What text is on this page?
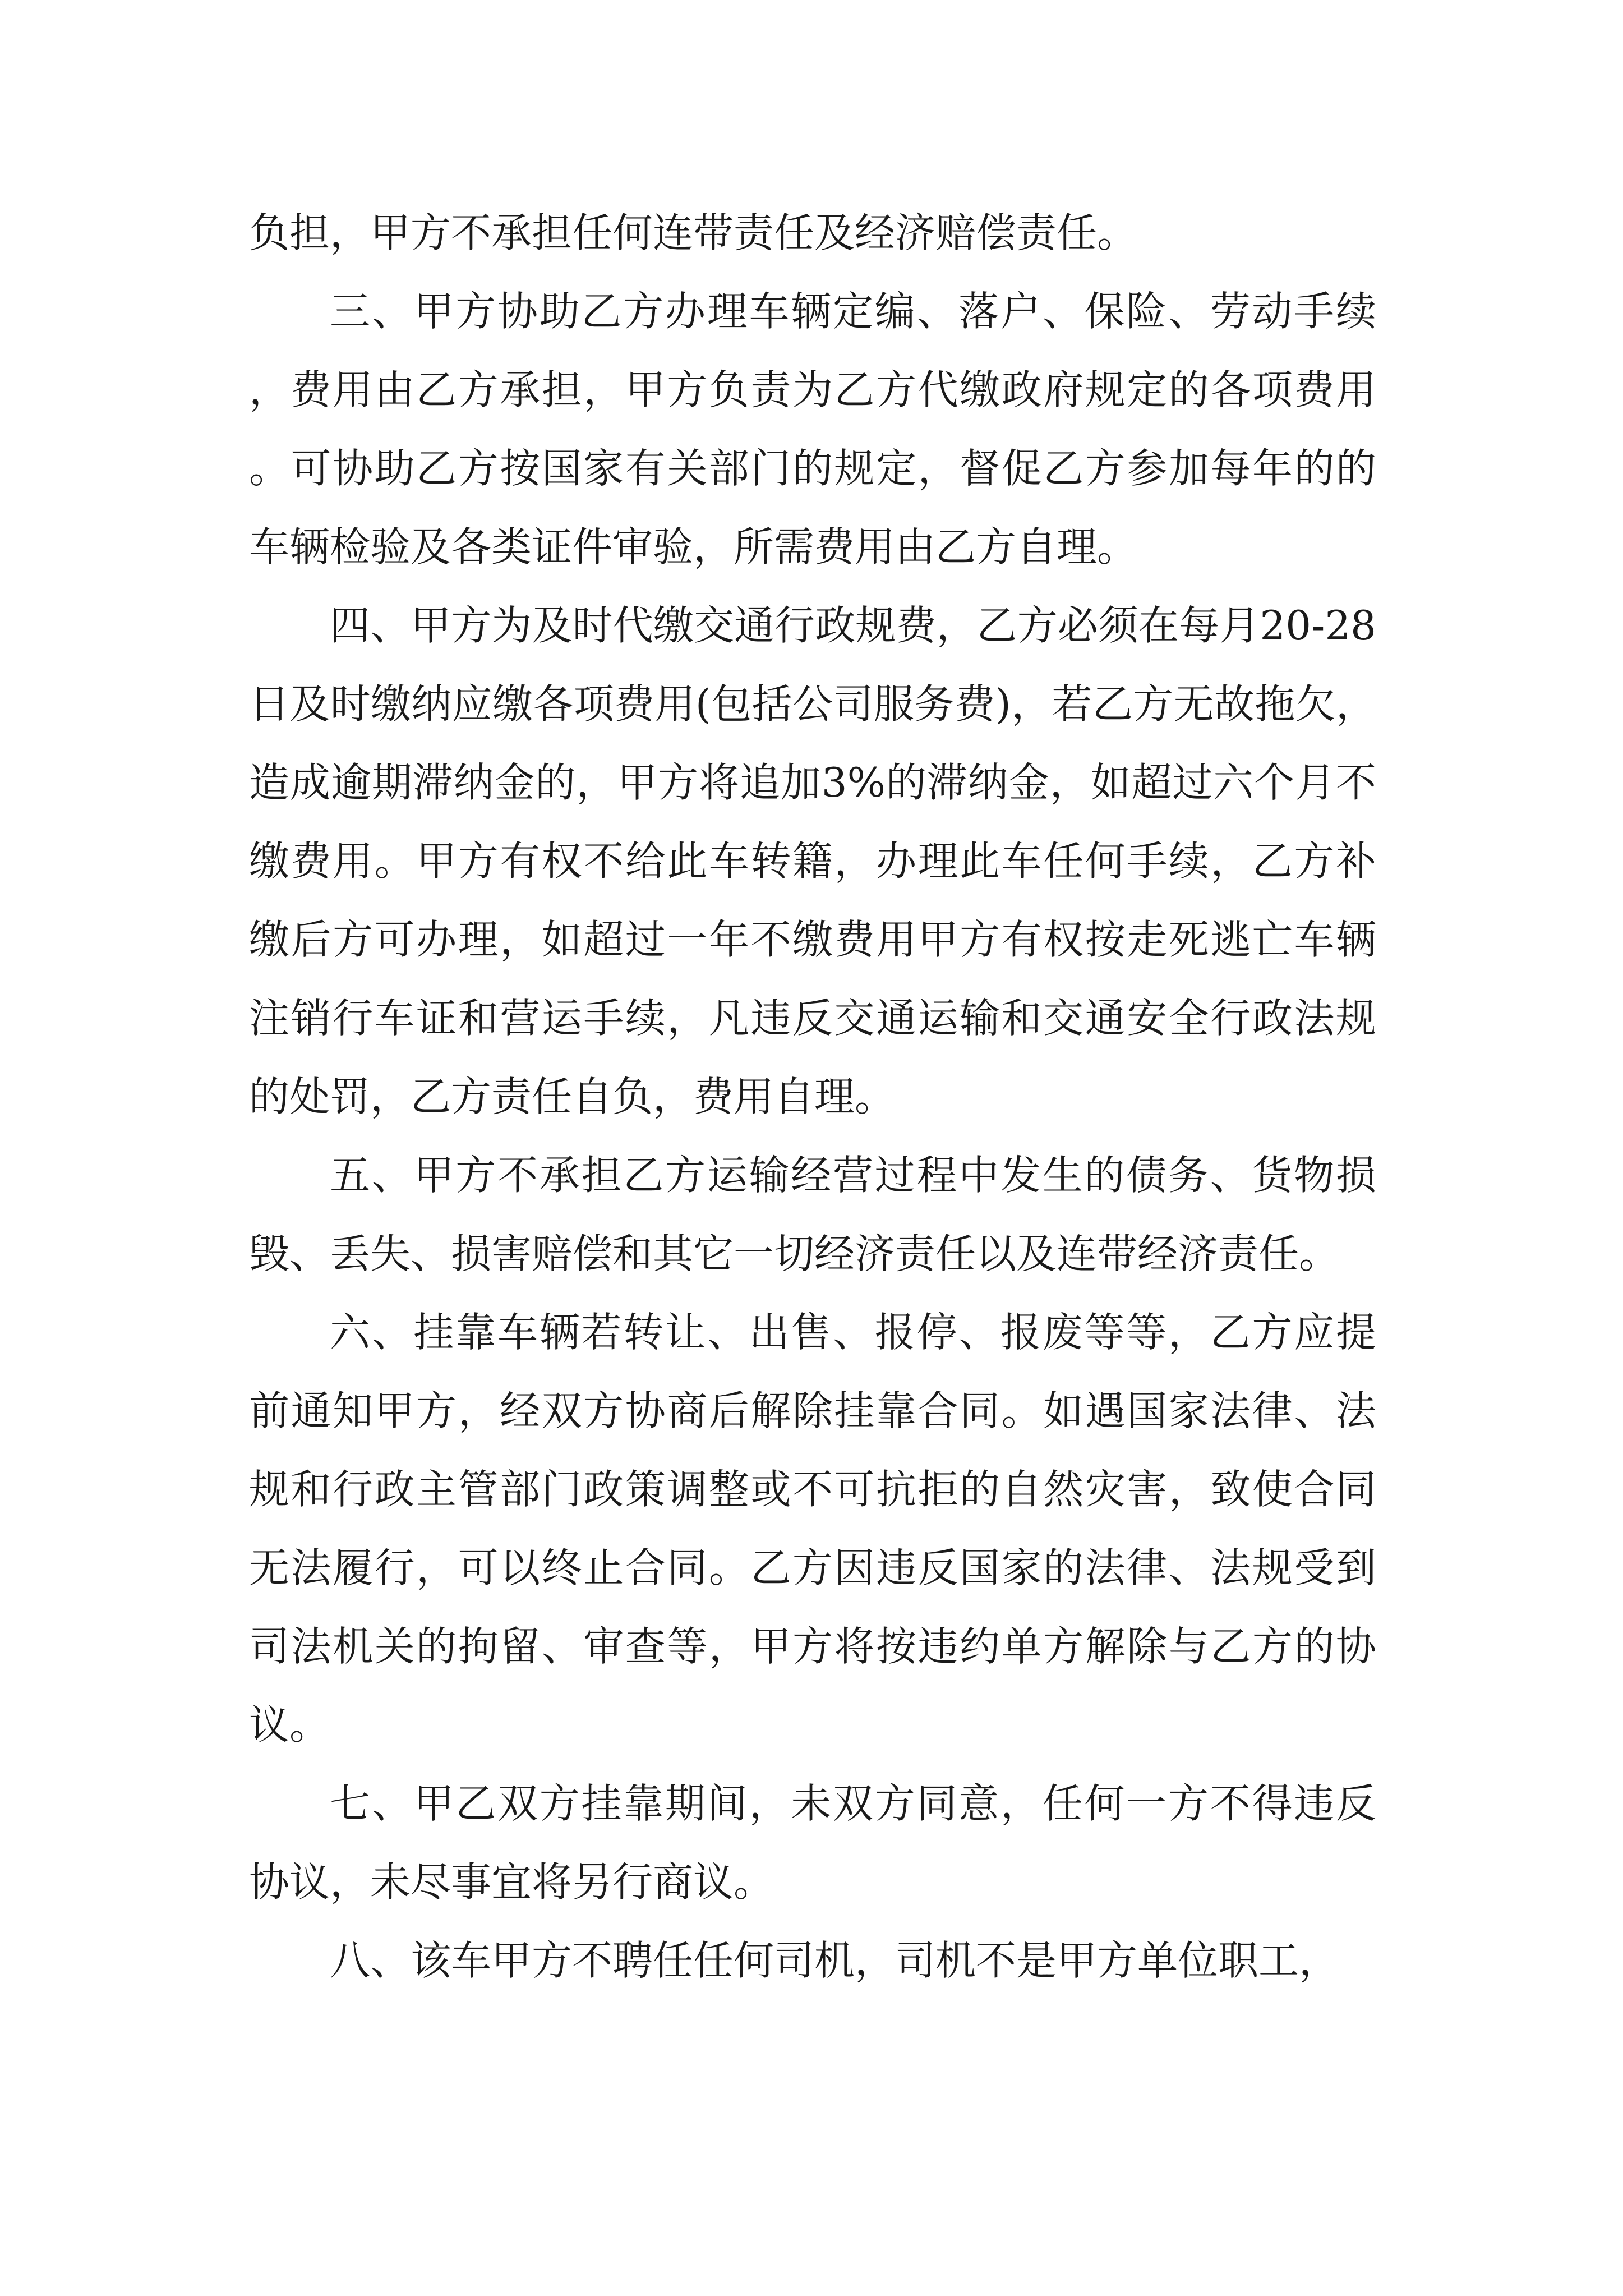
负担，甲方不承担任何连带责任及经济赔偿责任。

三、甲方协助乙方办理车辆定编、落户、保险、劳动手续，费用由乙方承担，甲方负责为乙方代缴政府规定的各项费用。可协助乙方按国家有关部门的规定，督促乙方参加每年的的车辆检验及各类证件审验，所需费用由乙方自理。

四、甲方为及时代缴交通行政规费，乙方必须在每月20-28日及时缴纳应缴各项费用(包括公司服务费)，若乙方无故拖欠，造成逾期滞纳金的，甲方将追加3%的滞纳金，如超过六个月不缴费用。甲方有权不给此车转籍，办理此车任何手续，乙方补缴后方可办理，如超过一年不缴费用甲方有权按走死逃亡车辆注销行车证和营运手续，凡违反交通运输和交通安全行政法规的处罚，乙方责任自负，费用自理。

五、甲方不承担乙方运输经营过程中发生的债务、货物损毁、丢失、损害赔偿和其它一切经济责任以及连带经济责任。

六、挂靠车辆若转让、出售、报停、报废等等，乙方应提前通知甲方，经双方协商后解除挂靠合同。如遇国家法律、法规和行政主管部门政策调整或不可抗拒的自然灾害，致使合同无法履行，可以终止合同。乙方因违反国家的法律、法规受到司法机关的拘留、审查等，甲方将按违约单方解除与乙方的协议。

七、甲乙双方挂靠期间，未双方同意，任何一方不得违反协议，未尽事宜将另行商议。

八、该车甲方不聘任任何司机，司机不是甲方单位职工，
